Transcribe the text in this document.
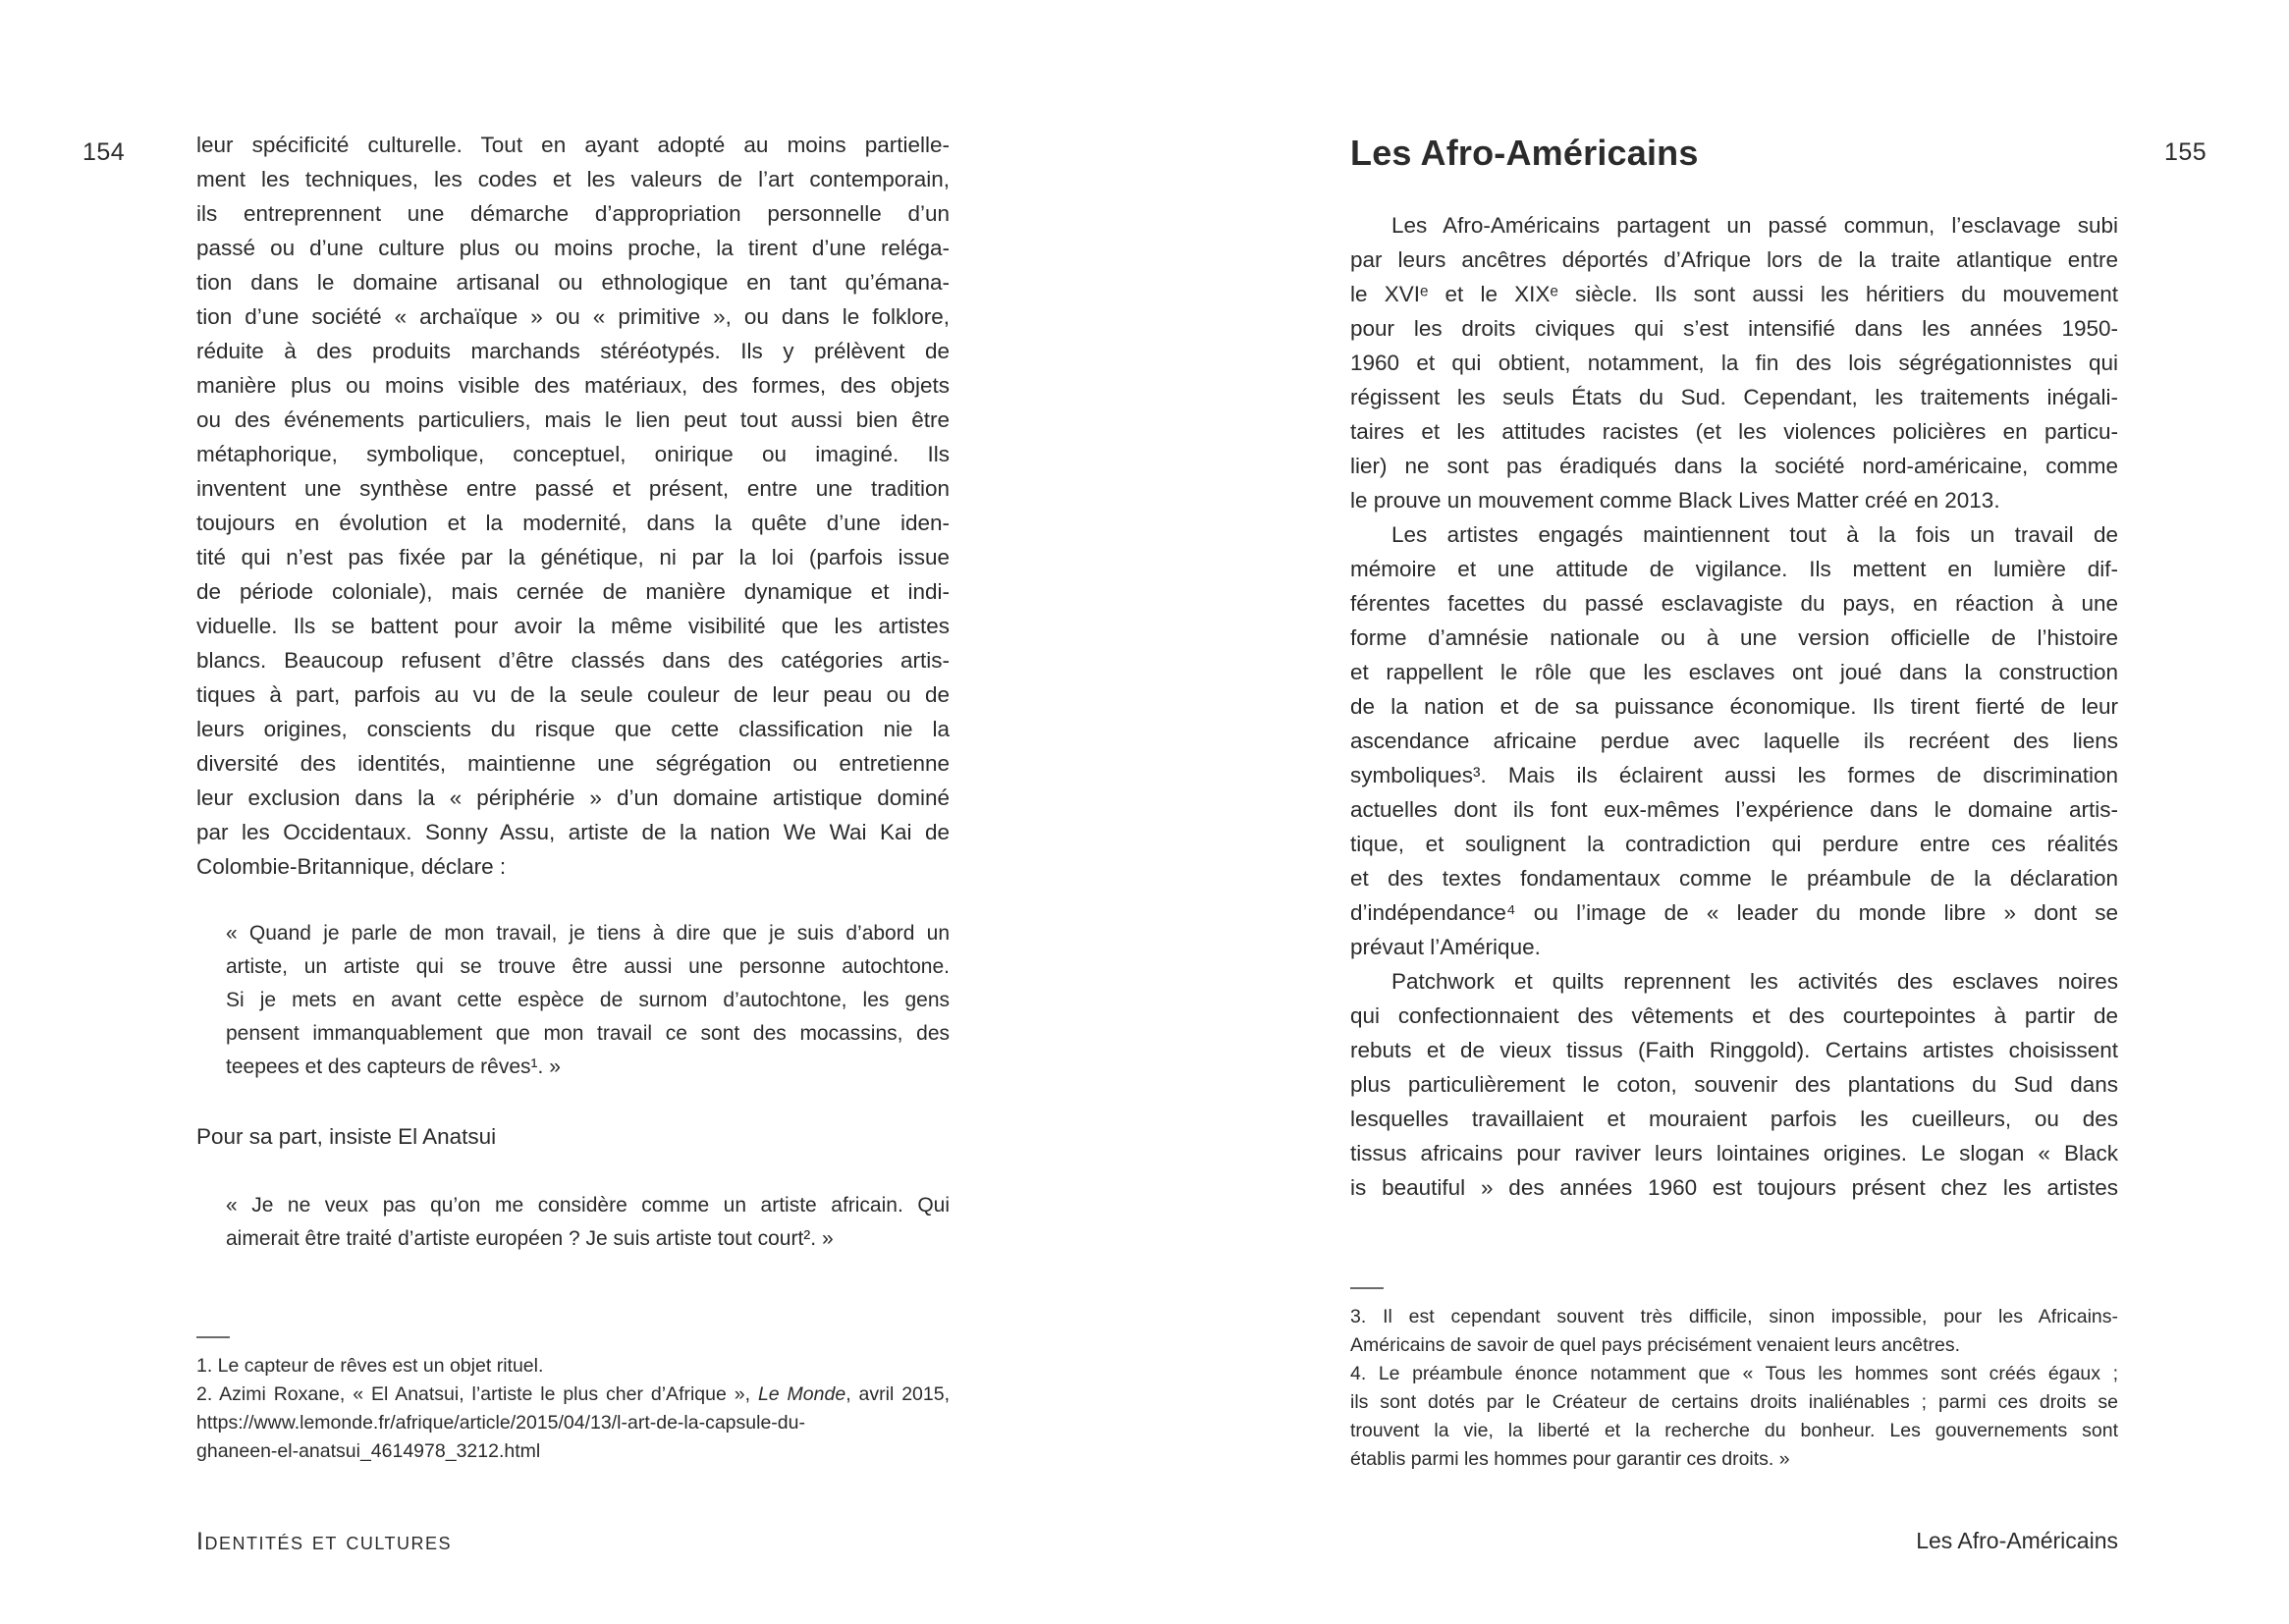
154	155
leur spécificité culturelle. Tout en ayant adopté au moins partielle-
ment les techniques, les codes et les valeurs de l’art contemporain,
ils entreprennent une démarche d’appropriation personnelle d’un
passé ou d’une culture plus ou moins proche, la tirent d’une reléga-
tion dans le domaine artisanal ou ethnologique en tant qu’émana-
tion d’une société « archaïque » ou « primitive », ou dans le folklore,
réduite à des produits marchands stéréotypés. Ils y prélèvent de
manière plus ou moins visible des matériaux, des formes, des objets
ou des événements particuliers, mais le lien peut tout aussi bien être
métaphorique, symbolique, conceptuel, onirique ou imaginé. Ils
inventent une synthèse entre passé et présent, entre une tradition
toujours en évolution et la modernité, dans la quête d’une iden-
tité qui n’est pas fixée par la génétique, ni par la loi (parfois issue
de période coloniale), mais cernée de manière dynamique et indi-
viduelle. Ils se battent pour avoir la même visibilité que les artistes
blancs. Beaucoup refusent d’être classés dans des catégories artis-
tiques à part, parfois au vu de la seule couleur de leur peau ou de
leurs origines, conscients du risque que cette classification nie la
diversité des identités, maintienne une ségrégation ou entretienne
leur exclusion dans la « périphérie » d’un domaine artistique dominé
par les Occidentaux. Sonny Assu, artiste de la nation We Wai Kai de
Colombie-Britannique, déclare :
« Quand je parle de mon travail, je tiens à dire que je suis d’abord un
artiste, un artiste qui se trouve être aussi une personne autochtone.
Si je mets en avant cette espèce de surnom d’autochtone, les gens
pensent immanquablement que mon travail ce sont des mocassins, des
teepees et des capteurs de rêves¹. »
Pour sa part, insiste El Anatsui
« Je ne veux pas qu’on me considère comme un artiste africain. Qui
aimerait être traité d’artiste européen ? Je suis artiste tout court². »
1. Le capteur de rêves est un objet rituel.
2. Azimi Roxane, « El Anatsui, l’artiste le plus cher d’Afrique », Le Monde, avril 2015,
https://www.lemonde.fr/afrique/article/2015/04/13/l-art-de-la-capsule-du-
ghaneen-el-anatsui_4614978_3212.html
Les Afro-Américains
Les Afro-Américains partagent un passé commun, l’esclavage subi
par leurs ancêtres déportés d’Afrique lors de la traite atlantique entre
le XVIᵉ et le XIXᵉ siècle. Ils sont aussi les héritiers du mouvement
pour les droits civiques qui s’est intensifié dans les années 1950-
1960 et qui obtient, notamment, la fin des lois ségrégationnistes qui
régissent les seuls États du Sud. Cependant, les traitements inégali-
taires et les attitudes racistes (et les violences policières en particu-
lier) ne sont pas éradiqués dans la société nord-américaine, comme
le prouve un mouvement comme Black Lives Matter créé en 2013.
Les artistes engagés maintiennent tout à la fois un travail de
mémoire et une attitude de vigilance. Ils mettent en lumière dif-
férentes facettes du passé esclavagiste du pays, en réaction à une
forme d’amnésie nationale ou à une version officielle de l’histoire
et rappellent le rôle que les esclaves ont joué dans la construction
de la nation et de sa puissance économique. Ils tirent fierté de leur
ascendance africaine perdue avec laquelle ils recréent des liens
symboliques³. Mais ils éclairent aussi les formes de discrimination
actuelles dont ils font eux-mêmes l’expérience dans le domaine artis-
tique, et soulignent la contradiction qui perdure entre ces réalités
et des textes fondamentaux comme le préambule de la déclaration
d’indépendance⁴ ou l’image de « leader du monde libre » dont se
prévaut l’Amérique.
Patchwork et quilts reprennent les activités des esclaves noires
qui confectionnaient des vêtements et des courtepointes à partir de
rebuts et de vieux tissus (Faith Ringgold). Certains artistes choisissent
plus particulièrement le coton, souvenir des plantations du Sud dans
lesquelles travaillaient et mouraient parfois les cueilleurs, ou des
tissus africains pour raviver leurs lointaines origines. Le slogan « Black
is beautiful » des années 1960 est toujours présent chez les artistes
3. Il est cependant souvent très difficile, sinon impossible, pour les Africains-
Américains de savoir de quel pays précisément venaient leurs ancêtres.
4. Le préambule énonce notamment que « Tous les hommes sont créés égaux ;
ils sont dotés par le Créateur de certains droits inaliénables ; parmi ces droits se
trouvent la vie, la liberté et la recherche du bonheur. Les gouvernements sont
établis parmi les hommes pour garantir ces droits. »
Identités et cultures	Les Afro-Américains
